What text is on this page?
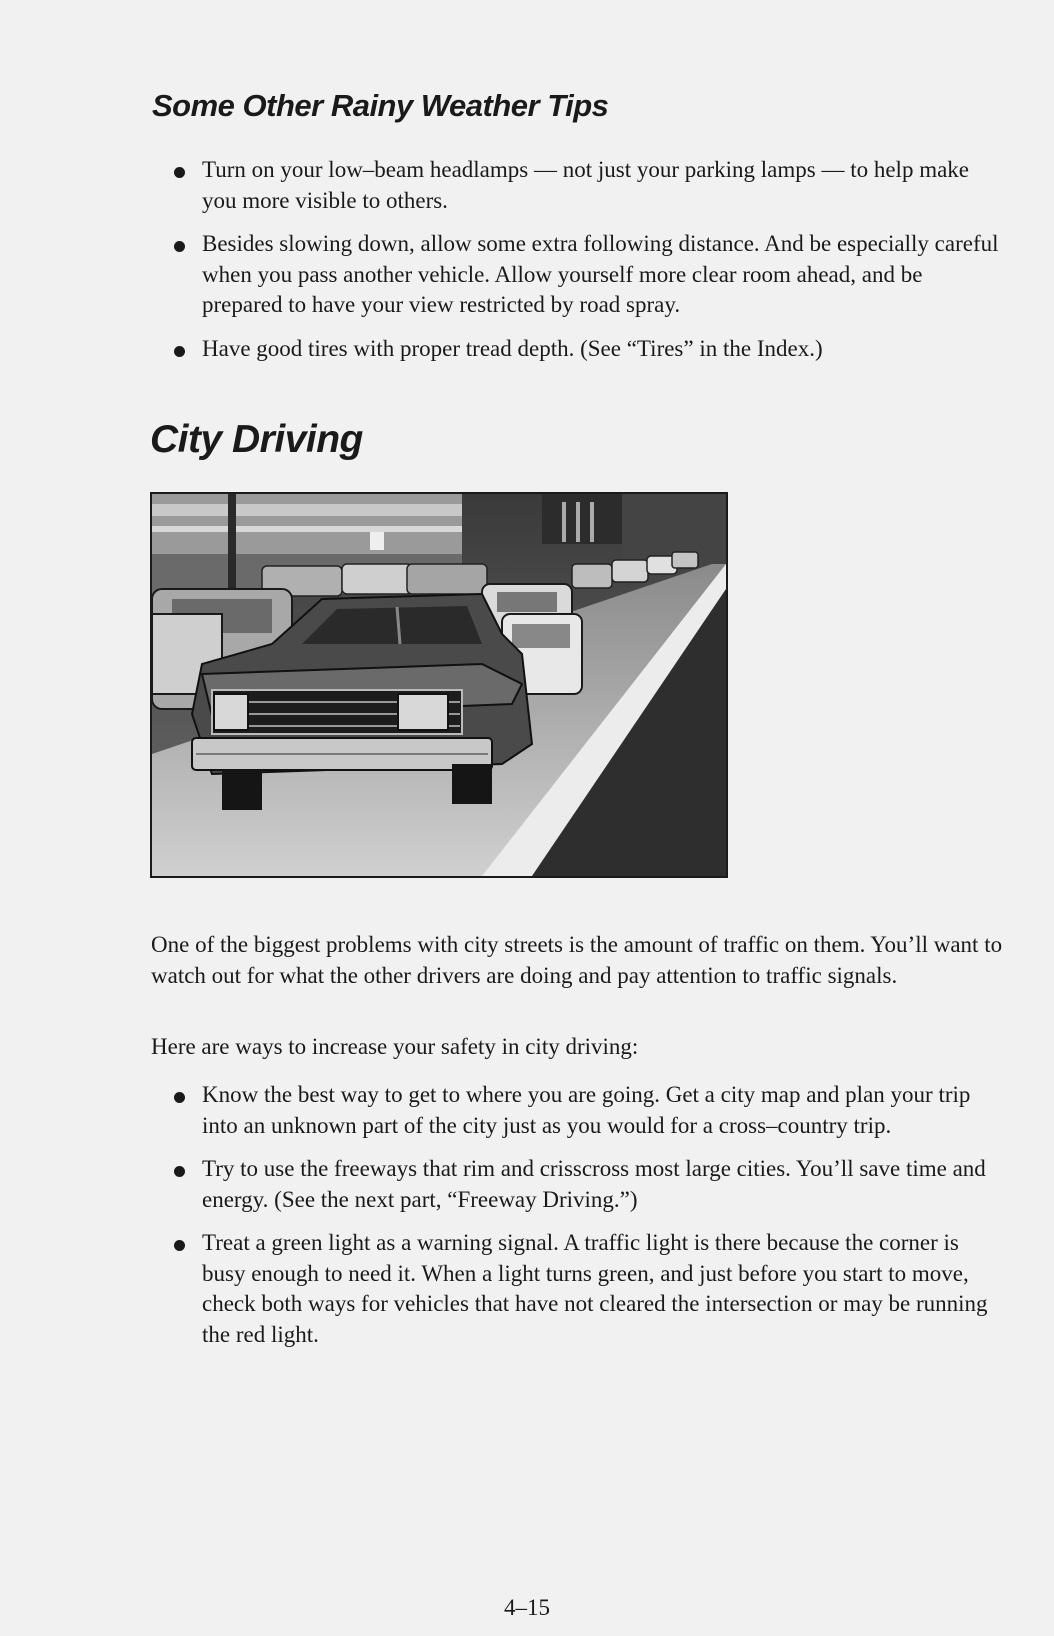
Some Other Rainy Weather Tips
Turn on your low–beam headlamps — not just your parking lamps — to help make you more visible to others.
Besides slowing down, allow some extra following distance. And be especially careful when you pass another vehicle. Allow yourself more clear room ahead, and be prepared to have your view restricted by road spray.
Have good tires with proper tread depth. (See “Tires” in the Index.)
City Driving

One of the biggest problems with city streets is the amount of traffic on them. You’ll want to watch out for what the other drivers are doing and pay attention to traffic signals.

Here are ways to increase your safety in city driving:

Know the best way to get to where you are going. Get a city map and plan your trip into an unknown part of the city just as you would for a cross–country trip.
Try to use the freeways that rim and crisscross most large cities. You’ll save time and energy. (See the next part, “Freeway Driving.”)
Treat a green light as a warning signal. A traffic light is there because the corner is busy enough to need it. When a light turns green, and just before you start to move, check both ways for vehicles that have not cleared the intersection or may be running the red light.
4–15
